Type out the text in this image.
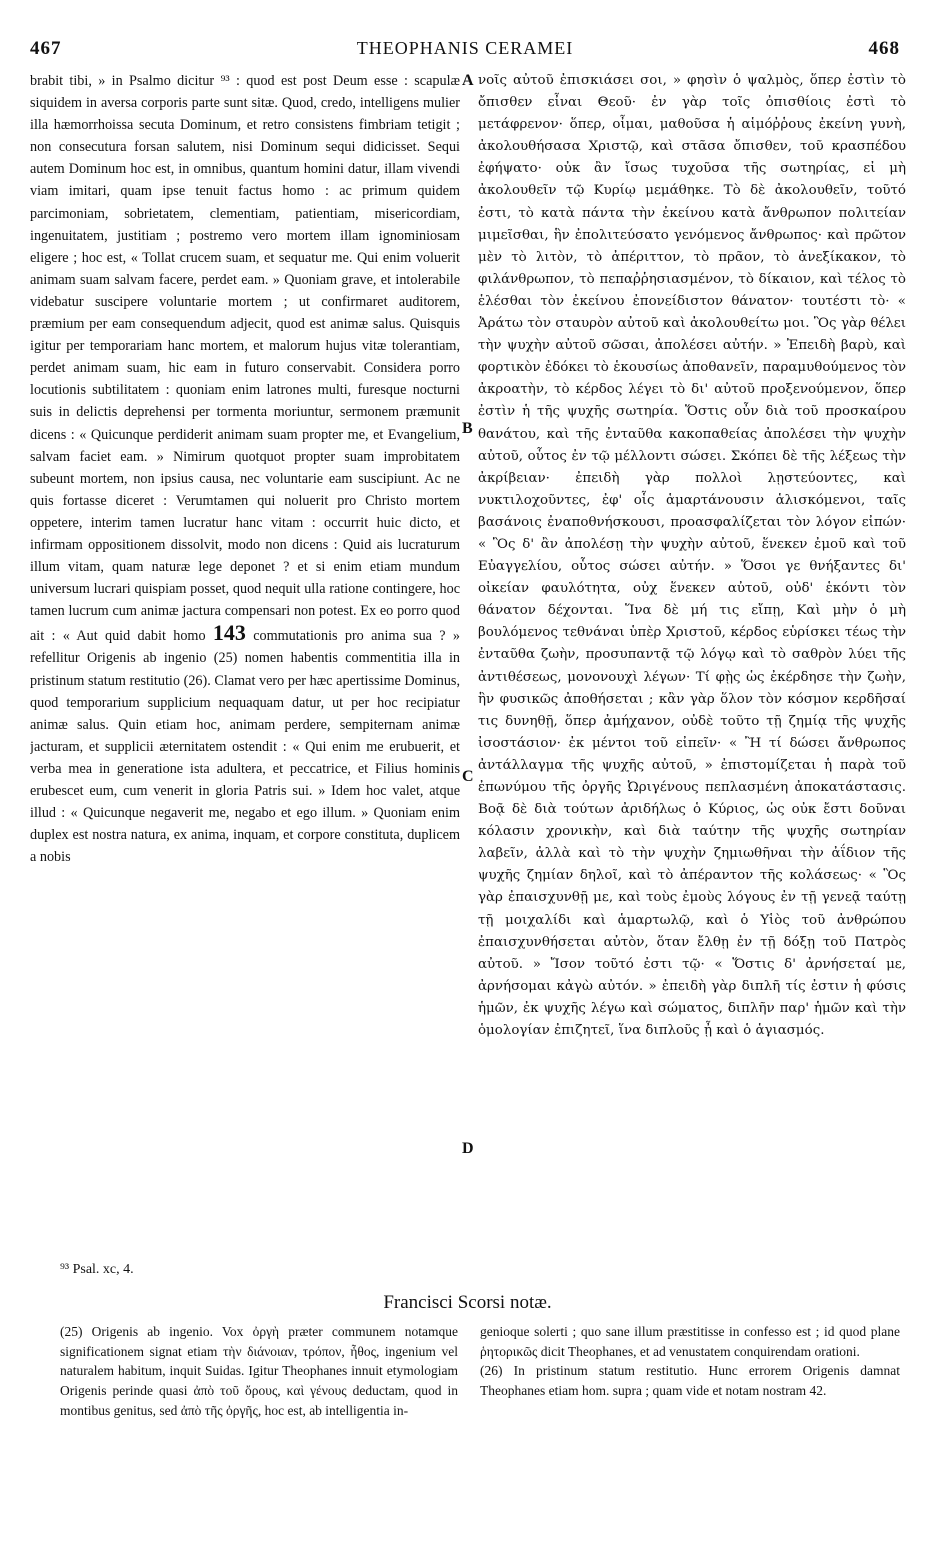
467	THEOPHANIS CERAMEI	468

brabit tibi, » in Psalmo dicitur ⁹³ : quod est post Deum esse : scapulæ siquidem in aversa corporis parte sunt sitæ. Quod, credo, intelligens mulier illa hæmorrhoissa secuta Dominum, et retro consistens fimbriam tetigit ; non consecutura forsan salutem, nisi Dominum sequi didicisset. Sequi autem Dominum hoc est, in omnibus, quantum homini datur, illam vivendi viam imitari, quam ipse tenuit factus homo : ac primum quidem parcimoniam, sobrietatem, clementiam, patientiam, misericordiam, ingenuitatem, justitiam ; postremo vero mortem illam ignominiosam eligere ; hoc est, « Tollat crucem suam, et sequatur me. Qui enim voluerit animam suam salvam facere, perdet eam. » Quoniam grave, et intolerabile videbatur suscipere voluntarie mortem ; ut confirmaret auditorem, præmium per eam consequendum adjecit, quod est animæ salus. Quisquis igitur per temporariam hanc mortem, et malorum hujus vitæ tolerantiam, perdet animam suam, hic eam in futuro conservabit. Considera porro locutionis subtilitatem : quoniam enim latrones multi, furesque nocturni suis in delictis deprehensi per tormenta moriuntur, sermonem præmunit dicens : « Quicunque perdiderit animam suam propter me, et Evangelium, salvam faciet eam. » Nimirum quotquot propter suam improbitatem subeunt mortem, non ipsius causa, nec voluntarie eam suscipiunt. Ac ne quis fortasse diceret : Verumtamen qui noluerit pro Christo mortem oppetere, interim tamen lucratur hanc vitam : occurrit huic dicto, et infirmam oppositionem dissolvit, modo non dicens : Quid ais lucraturum illum vitam, quam naturæ lege deponet ? et si enim etiam mundum universum lucrari quispiam posset, quod nequit ulla ratione contingere, hoc tamen lucrum cum animæ jactura compensari non potest. Ex eo porro quod ait : « Aut quid dabit homo 143 commutationis pro anima sua ? » refellitur Origenis ab ingenio (25) nomen habentis commentitia illa in pristinum statum restitutio (26). Clamat vero per hæc apertissime Dominus, quod temporarium supplicium nequaquam datur, ut per hoc recipiatur animæ salus. Quin etiam hoc, animam perdere, sempiternam animæ jacturam, et supplicii æternitatem ostendit : « Qui enim me erubuerit, et verba mea in generatione ista adultera, et peccatrice, et Filius hominis erubescet eum, cum venerit in gloria Patris sui. » Idem hoc valet, atque illud : « Quicunque negaverit me, negabo et ego illum. » Quoniam enim duplex est nostra natura, ex anima, inquam, et corpore constituta, duplicem a nobis

A
B
C
D

νοῖς αὐτοῦ ἐπισκιάσει σοι, » φησὶν ὁ ψαλμὸς, ὅπερ ἐστὶν τὸ ὄπισθεν εἶναι Θεοῦ· ἐν γὰρ τοῖς ὀπισθίοις ἐστὶ τὸ μετάφρενον· ὅπερ, οἶμαι, μαθοῦσα ἡ αἱμόῤῥους ἐκείνη γυνὴ, ἀκολουθήσασα Χριστῷ, καὶ στᾶσα ὄπισθεν, τοῦ κρασπέδου ἐφήψατο· οὐκ ἂν ἴσως τυχοῦσα τῆς σωτηρίας, εἰ μὴ ἀκολουθεῖν τῷ Κυρίῳ μεμάθηκε. Τὸ δὲ ἀκολουθεῖν, τοῦτό ἐστι, τὸ κατὰ πάντα τὴν ἐκείνου κατὰ ἄνθρωπον πολιτείαν μιμεῖσθαι, ἣν ἐπολιτεύσατο γενόμενος ἄνθρωπος· καὶ πρῶτον μὲν τὸ λιτὸν, τὸ ἀπέριττον, τὸ πρᾶον, τὸ ἀνεξίκακον, τὸ φιλάνθρωπον, τὸ πεπαῤῥησιασμένον, τὸ δίκαιον, καὶ τέλος τὸ ἑλέσθαι τὸν ἐκείνου ἐπονείδιστον θάνατον· τουτέστι τὸ· « Ἀράτω τὸν σταυρὸν αὐτοῦ καὶ ἀκολουθείτω μοι. Ὃς γὰρ θέλει τὴν ψυχὴν αὐτοῦ σῶσαι, ἀπολέσει αὐτήν. » Ἐπειδὴ βαρὺ, καὶ φορτικὸν ἐδόκει τὸ ἑκουσίως ἀποθανεῖν, παραμυθούμενος τὸν ἀκροατὴν, τὸ κέρδος λέγει τὸ δι' αὐτοῦ προξενούμενον, ὅπερ ἐστὶν ἡ τῆς ψυχῆς σωτηρία. Ὅστις οὖν διὰ τοῦ προσκαίρου θανάτου, καὶ τῆς ἐνταῦθα κακοπαθείας ἀπολέσει τὴν ψυχὴν αὐτοῦ, οὗτος ἐν τῷ μέλλοντι σώσει. Σκόπει δὲ τῆς λέξεως τὴν ἀκρίβειαν· ἐπειδὴ γὰρ πολλοὶ λῃστεύοντες, καὶ νυκτιλοχοῦντες, ἐφ' οἷς ἁμαρτάνουσιν ἁλισκόμενοι, ταῖς βασάνοις ἐναποθνήσκουσι, προασφαλίζεται τὸν λόγον εἰπών· « Ὃς δ' ἂν ἀπολέσῃ τὴν ψυχὴν αὐτοῦ, ἕνεκεν ἐμοῦ καὶ τοῦ Εὐαγγελίου, οὗτος σώσει αὐτήν. » Ὅσοι γε θνήξαντες δι' οἰκείαν φαυλότητα, οὐχ ἕνεκεν αὐτοῦ, οὐδ' ἑκόντι τὸν θάνατον δέχονται. Ἵνα δὲ μή τις εἴπῃ, Καὶ μὴν ὁ μὴ βουλόμενος τεθνάναι ὑπὲρ Χριστοῦ, κέρδος εὑρίσκει τέως τὴν ἐνταῦθα ζωὴν, προσυπαντᾷ τῷ λόγῳ καὶ τὸ σαθρὸν λύει τῆς ἀντιθέσεως, μονονουχὶ λέγων· Τί φῂς ὡς ἐκέρδησε τὴν ζωὴν, ἣν φυσικῶς ἀποθήσεται ; κἂν γὰρ ὅλον τὸν κόσμον κερδῆσαί τις δυνηθῇ, ὅπερ ἀμήχανον, οὐδὲ τοῦτο τῇ ζημίᾳ τῆς ψυχῆς ἰσοστάσιον· ἐκ μέντοι τοῦ εἰπεῖν· « Ἢ τί δώσει ἄνθρωπος ἀντάλλαγμα τῆς ψυχῆς αὐτοῦ, » ἐπιστομίζεται ἡ παρὰ τοῦ ἐπωνύμου τῆς ὀργῆς Ὠριγένους πεπλασμένη ἀποκατάστασις. Βοᾷ δὲ διὰ τούτων ἀριδήλως ὁ Κύριος, ὡς οὐκ ἔστι δοῦναι κόλασιν χρονικὴν, καὶ διὰ ταύτην τῆς ψυχῆς σωτηρίαν λαβεῖν, ἀλλὰ καὶ τὸ τὴν ψυχὴν ζημιωθῆναι τὴν ἀΐδιον τῆς ψυχῆς ζημίαν δηλοῖ, καὶ τὸ ἀπέραντον τῆς κολάσεως· « Ὃς γὰρ ἐπαισχυνθῇ με, καὶ τοὺς ἐμοὺς λόγους ἐν τῇ γενεᾷ ταύτῃ τῇ μοιχαλίδι καὶ ἁμαρτωλῷ, καὶ ὁ Υἱὸς τοῦ ἀνθρώπου ἐπαισχυνθήσεται αὐτὸν, ὅταν ἔλθῃ ἐν τῇ δόξῃ τοῦ Πατρὸς αὐτοῦ. » Ἴσον τοῦτό ἐστι τῷ· « Ὅστις δ' ἀρνήσεταί με, ἀρνήσομαι κἀγὼ αὐτόν. » ἐπειδὴ γὰρ διπλῆ τίς ἐστιν ἡ φύσις ἡμῶν, ἐκ ψυχῆς λέγω καὶ σώματος, διπλῆν παρ' ἡμῶν καὶ τὴν ὁμολογίαν ἐπιζητεῖ, ἵνα διπλοῦς ᾖ καὶ ὁ ἁγιασμός.

⁹³ Psal. xc, 4.
Francisci Scorsi notæ.

(25) Origenis ab ingenio. Vox ὀργὴ præter communem notamque significationem signat etiam τὴν διάνοιαν, τρόπον, ἦθος, ingenium vel naturalem habitum, inquit Suidas. Igitur Theophanes innuit etymologiam Origenis perinde quasi ἀπὸ τοῦ ὄρους, καὶ γένους deductam, quod in montibus genitus, sed ἀπὸ τῆς ὀργῆς, hoc est, ab intelligentia in-

genioque solerti ; quo sane illum præstitisse in confesso est ; id quod plane ῥητορικῶς dicit Theophanes, et ad venustatem conquirendam orationi.

(26) In pristinum statum restitutio. Hunc errorem Origenis damnat Theophanes etiam hom. supra ; quam vide et notam nostram 42.
